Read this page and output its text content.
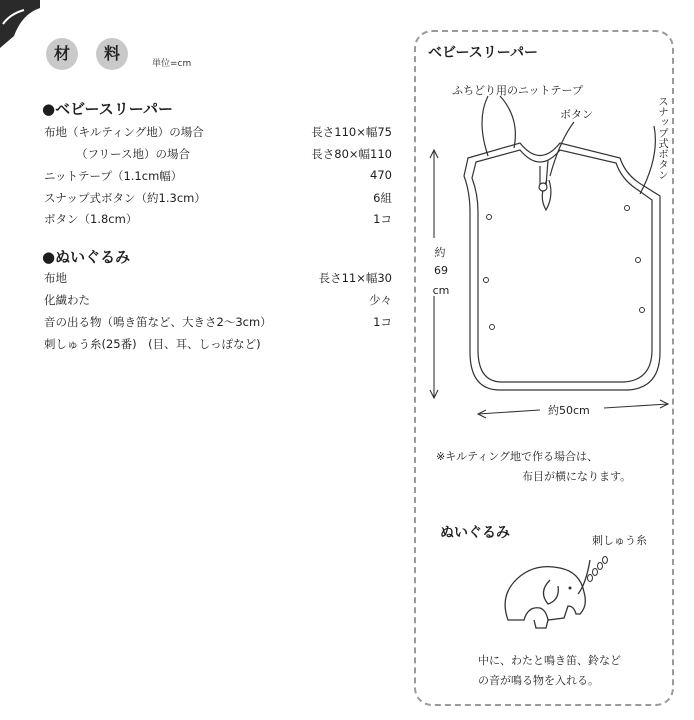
材	料
単位=cm
●ベビースリーパー
布地（キルティング地）の場合	長さ110×幅75
（フリース地）の場合	長さ80×幅110
ニットテープ（1.1cm幅）	470
スナップ式ボタン（約1.3cm）	6組
ボタン（1.8cm）	1コ
●ぬいぐるみ
布地	長さ11×幅30
化繊わた	少々
音の出る物（鳴き笛など、大きさ2～3cm）	1コ
刺しゅう糸(25番)　(目、耳、しっぽなど)
ベビースリーパー
ふちどり用のニットテープ
ボタン	スナップ式ボタン
約
69
cm
約50cm
※キルティング地で作る場合は、
布目が横になります。
ぬいぐるみ	刺しゅう糸
中に、わたと鳴き笛、鈴など
の音が鳴る物を入れる。
